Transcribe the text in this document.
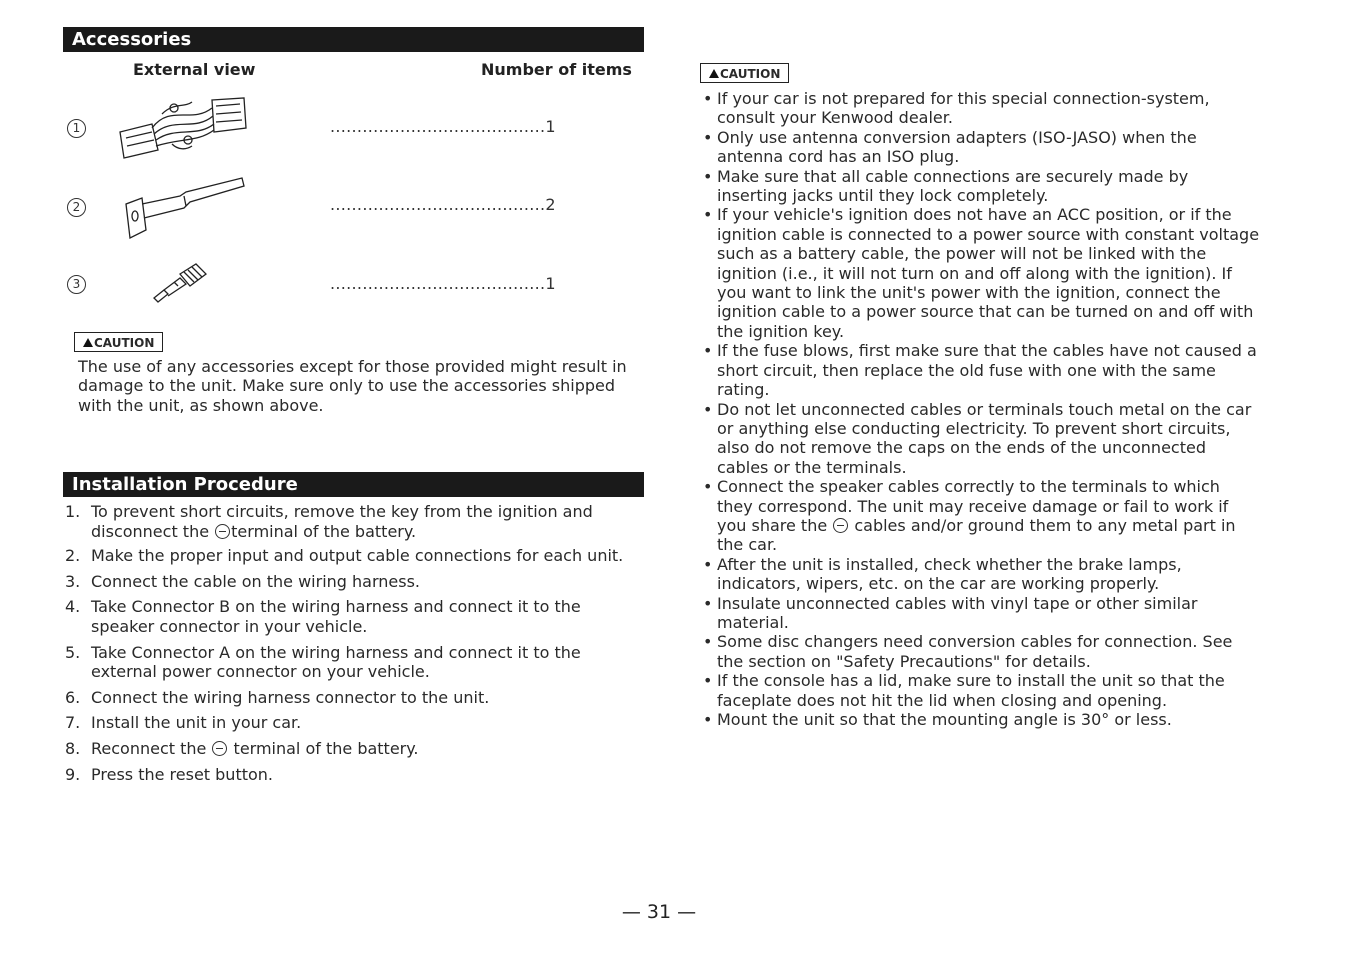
Accessories
External view	Number of items
1	........................................1
2	........................................2
3	........................................1
CAUTION
The use of any accessories except for those provided might result in damage to the unit. Make sure only to use the accessories shipped with the unit, as shown above.
Installation Procedure
1. To prevent short circuits, remove the key from the ignition and disconnect the terminal of the battery.
2. Make the proper input and output cable connections for each unit.
3. Connect the cable on the wiring harness.
4. Take Connector B on the wiring harness and connect it to the speaker connector in your vehicle.
5. Take Connector A on the wiring harness and connect it to the external power connector on your vehicle.
6. Connect the wiring harness connector to the unit.
7. Install the unit in your car.
8. Reconnect the  terminal of the battery.
9. Press the reset button.
CAUTION
• If your car is not prepared for this special connection-system, consult your Kenwood dealer.
• Only use antenna conversion adapters (ISO-JASO) when the antenna cord has an ISO plug.
• Make sure that all cable connections are securely made by inserting jacks until they lock completely.
• If your vehicle's ignition does not have an ACC position, or if the ignition cable is connected to a power source with constant voltage such as a battery cable, the power will not be linked with the ignition (i.e., it will not turn on and off along with the ignition). If you want to link the unit's power with the ignition, connect the ignition cable to a power source that can be turned on and off with the ignition key.
• If the fuse blows, first make sure that the cables have not caused a short circuit, then replace the old fuse with one with the same rating.
• Do not let unconnected cables or terminals touch metal on the car or anything else conducting electricity. To prevent short circuits, also do not remove the caps on the ends of the unconnected cables or the terminals.
• Connect the speaker cables correctly to the terminals to which they correspond. The unit may receive damage or fail to work if you share the  cables and/or ground them to any metal part in the car.
• After the unit is installed, check whether the brake lamps, indicators, wipers, etc. on the car are working properly.
• Insulate unconnected cables with vinyl tape or other similar material.
• Some disc changers need conversion cables for connection. See the section on "Safety Precautions" for details.
• If the console has a lid, make sure to install the unit so that the faceplate does not hit the lid when closing and opening.
• Mount the unit so that the mounting angle is 30° or less.
— 31 —
